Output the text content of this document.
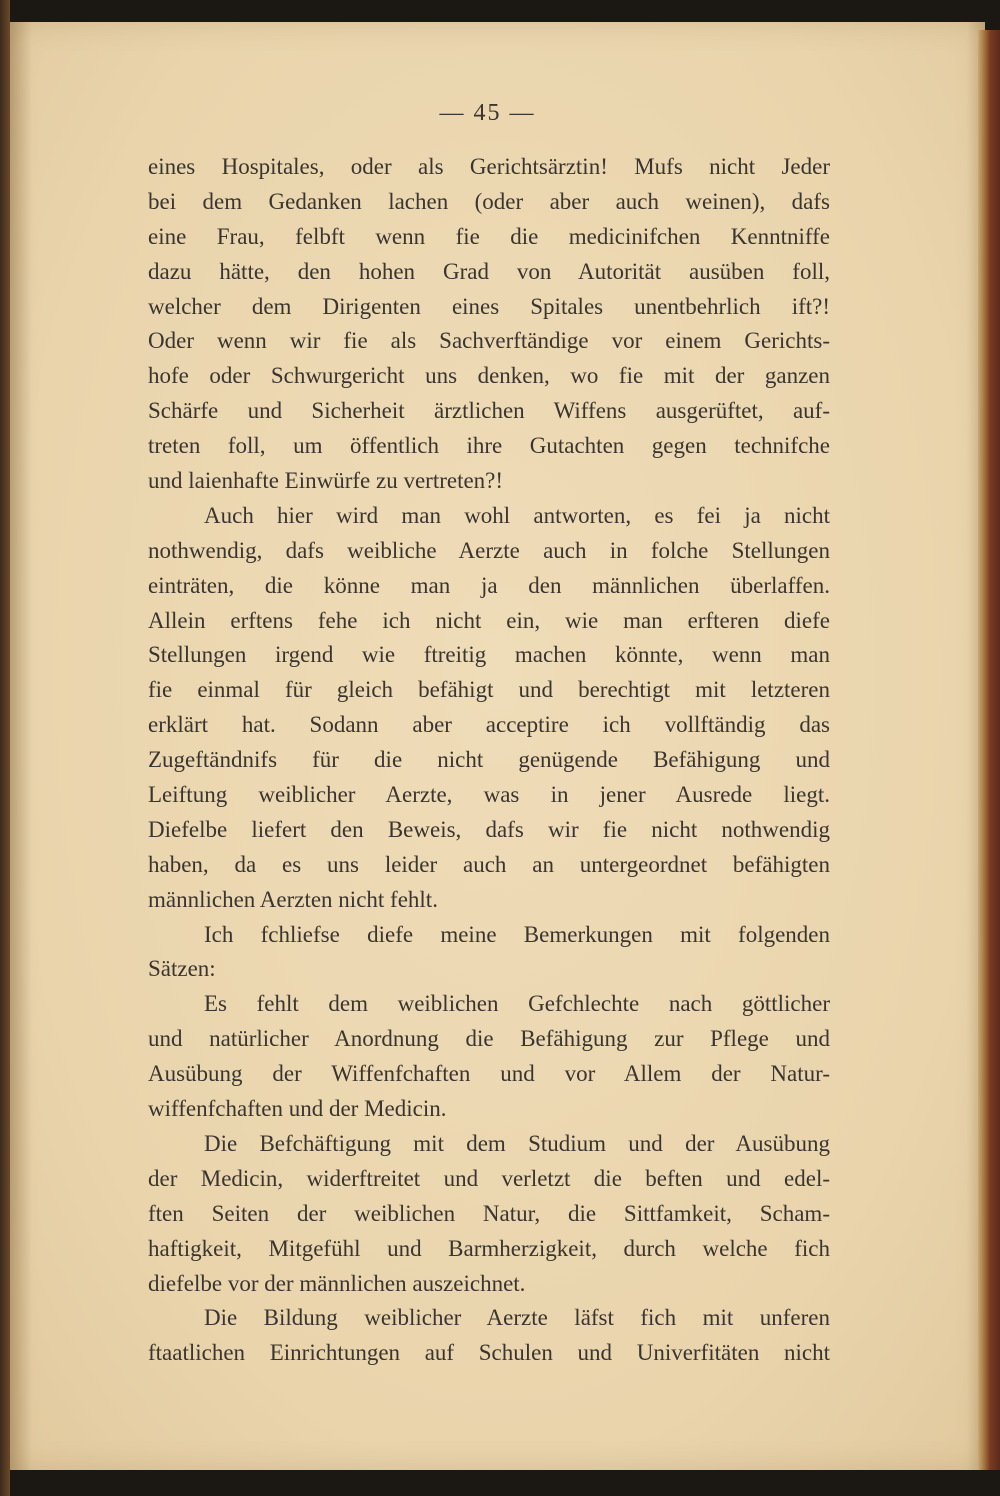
— 45 —
eines Hospitales, oder als Gerichtsärztin! Mufs nicht Jeder
bei dem Gedanken lachen (oder aber auch weinen), dafs
eine Frau, felbft wenn fie die medicinifchen Kenntniffe
dazu hätte, den hohen Grad von Autorität ausüben foll,
welcher dem Dirigenten eines Spitales unentbehrlich ift?!
Oder wenn wir fie als Sachverftändige vor einem Gerichts-
hofe oder Schwurgericht uns denken, wo fie mit der ganzen
Schärfe und Sicherheit ärztlichen Wiffens ausgerüftet, auf-
treten foll, um öffentlich ihre Gutachten gegen technifche
und laienhafte Einwürfe zu vertreten?!
Auch hier wird man wohl antworten, es fei ja nicht
nothwendig, dafs weibliche Aerzte auch in folche Stellungen
einträten, die könne man ja den männlichen überlaffen.
Allein erftens fehe ich nicht ein, wie man erfteren diefe
Stellungen irgend wie ftreitig machen könnte, wenn man
fie einmal für gleich befähigt und berechtigt mit letzteren
erklärt hat. Sodann aber acceptire ich vollftändig das
Zugeftändnifs für die nicht genügende Befähigung und
Leiftung weiblicher Aerzte, was in jener Ausrede liegt.
Diefelbe liefert den Beweis, dafs wir fie nicht nothwendig
haben, da es uns leider auch an untergeordnet befähigten
männlichen Aerzten nicht fehlt.
Ich fchliefse diefe meine Bemerkungen mit folgenden
Sätzen:
Es fehlt dem weiblichen Gefchlechte nach göttlicher
und natürlicher Anordnung die Befähigung zur Pflege und
Ausübung der Wiffenfchaften und vor Allem der Natur-
wiffenfchaften und der Medicin.
Die Befchäftigung mit dem Studium und der Ausübung
der Medicin, widerftreitet und verletzt die beften und edel-
ften Seiten der weiblichen Natur, die Sittfamkeit, Scham-
haftigkeit, Mitgefühl und Barmherzigkeit, durch welche fich
diefelbe vor der männlichen auszeichnet.
Die Bildung weiblicher Aerzte läfst fich mit unferen
ftaatlichen Einrichtungen auf Schulen und Univerfitäten nicht
